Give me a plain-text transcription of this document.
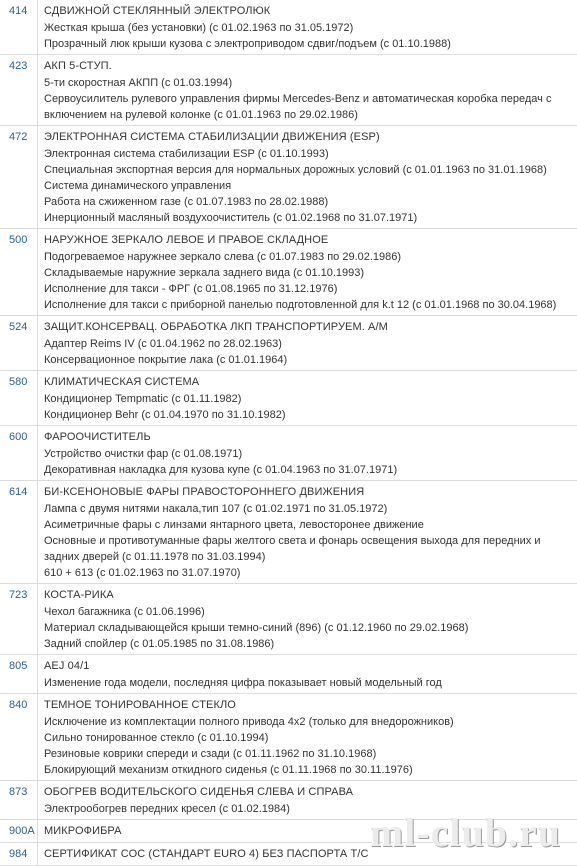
414	СДВИЖНОЙ СТЕКЛЯННЫЙ ЭЛЕКТРОЛЮК
Жесткая крыша (без установки) (с 01.02.1963 по 31.05.1972)
Прозрачный люк крыши кузова с электроприводом сдвиг/подъем (с 01.10.1988)
423	АКП 5-СТУП.
5-ти скоростная АКПП (с 01.03.1994)
Сервоусилитель рулевого управления фирмы Mercedes-Benz и автоматическая коробка передач с
включением на рулевой колонке (с 01.01.1963 по 29.02.1986)
472	ЭЛЕКТРОННАЯ СИСТЕМА СТАБИЛИЗАЦИИ ДВИЖЕНИЯ (ESP)
Электронная система стабилизации ESP (с 01.10.1993)
Специальная экспортная версия для нормальных дорожных условий (с 01.01.1963 по 31.01.1968)
Система динамического управления
Работа на сжиженном газе (с 01.07.1983 по 28.02.1988)
Инерционный масляный воздухоочиститель (с 01.02.1968 по 31.07.1971)
500	НАРУЖНОЕ ЗЕРКАЛО ЛЕВОЕ И ПРАВОЕ СКЛАДНОЕ
Подогреваемое наружнее зеркало слева (с 01.07.1983 по 29.02.1986)
Складываемые наружние зеркала заднего вида (с 01.10.1993)
Исполнение для такси - ФРГ (с 01.08.1965 по 31.12.1976)
Исполнение для такси с приборной панелью подготовленной для k.t 12 (с 01.01.1968 по 30.04.1968)
524	ЗАЩИТ.КОНСЕРВАЦ. ОБРАБОТКА ЛКП ТРАНСПОРТИРУЕМ. А/М
Адаптер Reims IV (с 01.04.1962 по 28.02.1963)
Консервационное покрытие лака (с 01.01.1964)
580	КЛИМАТИЧЕСКАЯ СИСТЕМА
Кондиционер Tempmatic (с 01.11.1982)
Кондиционер Behr (с 01.04.1970 по 31.10.1982)
600	ФАРООЧИСТИТЕЛЬ
Устройство очистки фар (с 01.08.1971)
Декоративная накладка для кузова купе (с 01.04.1963 по 31.07.1971)
614	БИ-КСЕНОНОВЫЕ ФАРЫ ПРАВОСТОРОННЕГО ДВИЖЕНИЯ
Лампа с двумя нитями накала,тип 107 (с 01.02.1971 по 31.05.1972)
Асиметричные фары с линзами янтарного цвета, левосторонее движение
Основные и противотуманные фары желтого света и фонарь освещения выхода для передних и
задних дверей (с 01.11.1978 по 31.03.1994)
610 + 613 (с 01.02.1963 по 31.07.1970)
723	КОСТА-РИКА
Чехол багажника (с 01.06.1996)
Материал складывающейся крыши темно-синий (896) (с 01.12.1960 по 29.02.1968)
Задний спойлер (с 01.05.1985 по 31.08.1986)
805	AEJ 04/1
Изменение года модели, последняя цифра показывает новый модельный год
840	ТЕМНОЕ ТОНИРОВАННОЕ СТЕКЛО
Исключение из комплектации полного привода 4x2 (только для внедорожников)
Сильно тонированное стекло (с 01.10.1994)
Резиновые коврики спереди и сзади (с 01.11.1962 по 31.10.1968)
Блокирующий механизм откидного сиденья (с 01.11.1968 по 30.11.1976)
873	ОБОГРЕВ ВОДИТЕЛЬСКОГО СИДЕНЬЯ СЛЕВА И СПРАВА
Электрообогрев передних кресел (с 01.02.1984)
900A МИКРОФИБРА
984	СЕРТИФИКАТ СОС (СТАНДАРТ EURO 4) БЕЗ ПАСПОРТА Т/С ml-club.ru
